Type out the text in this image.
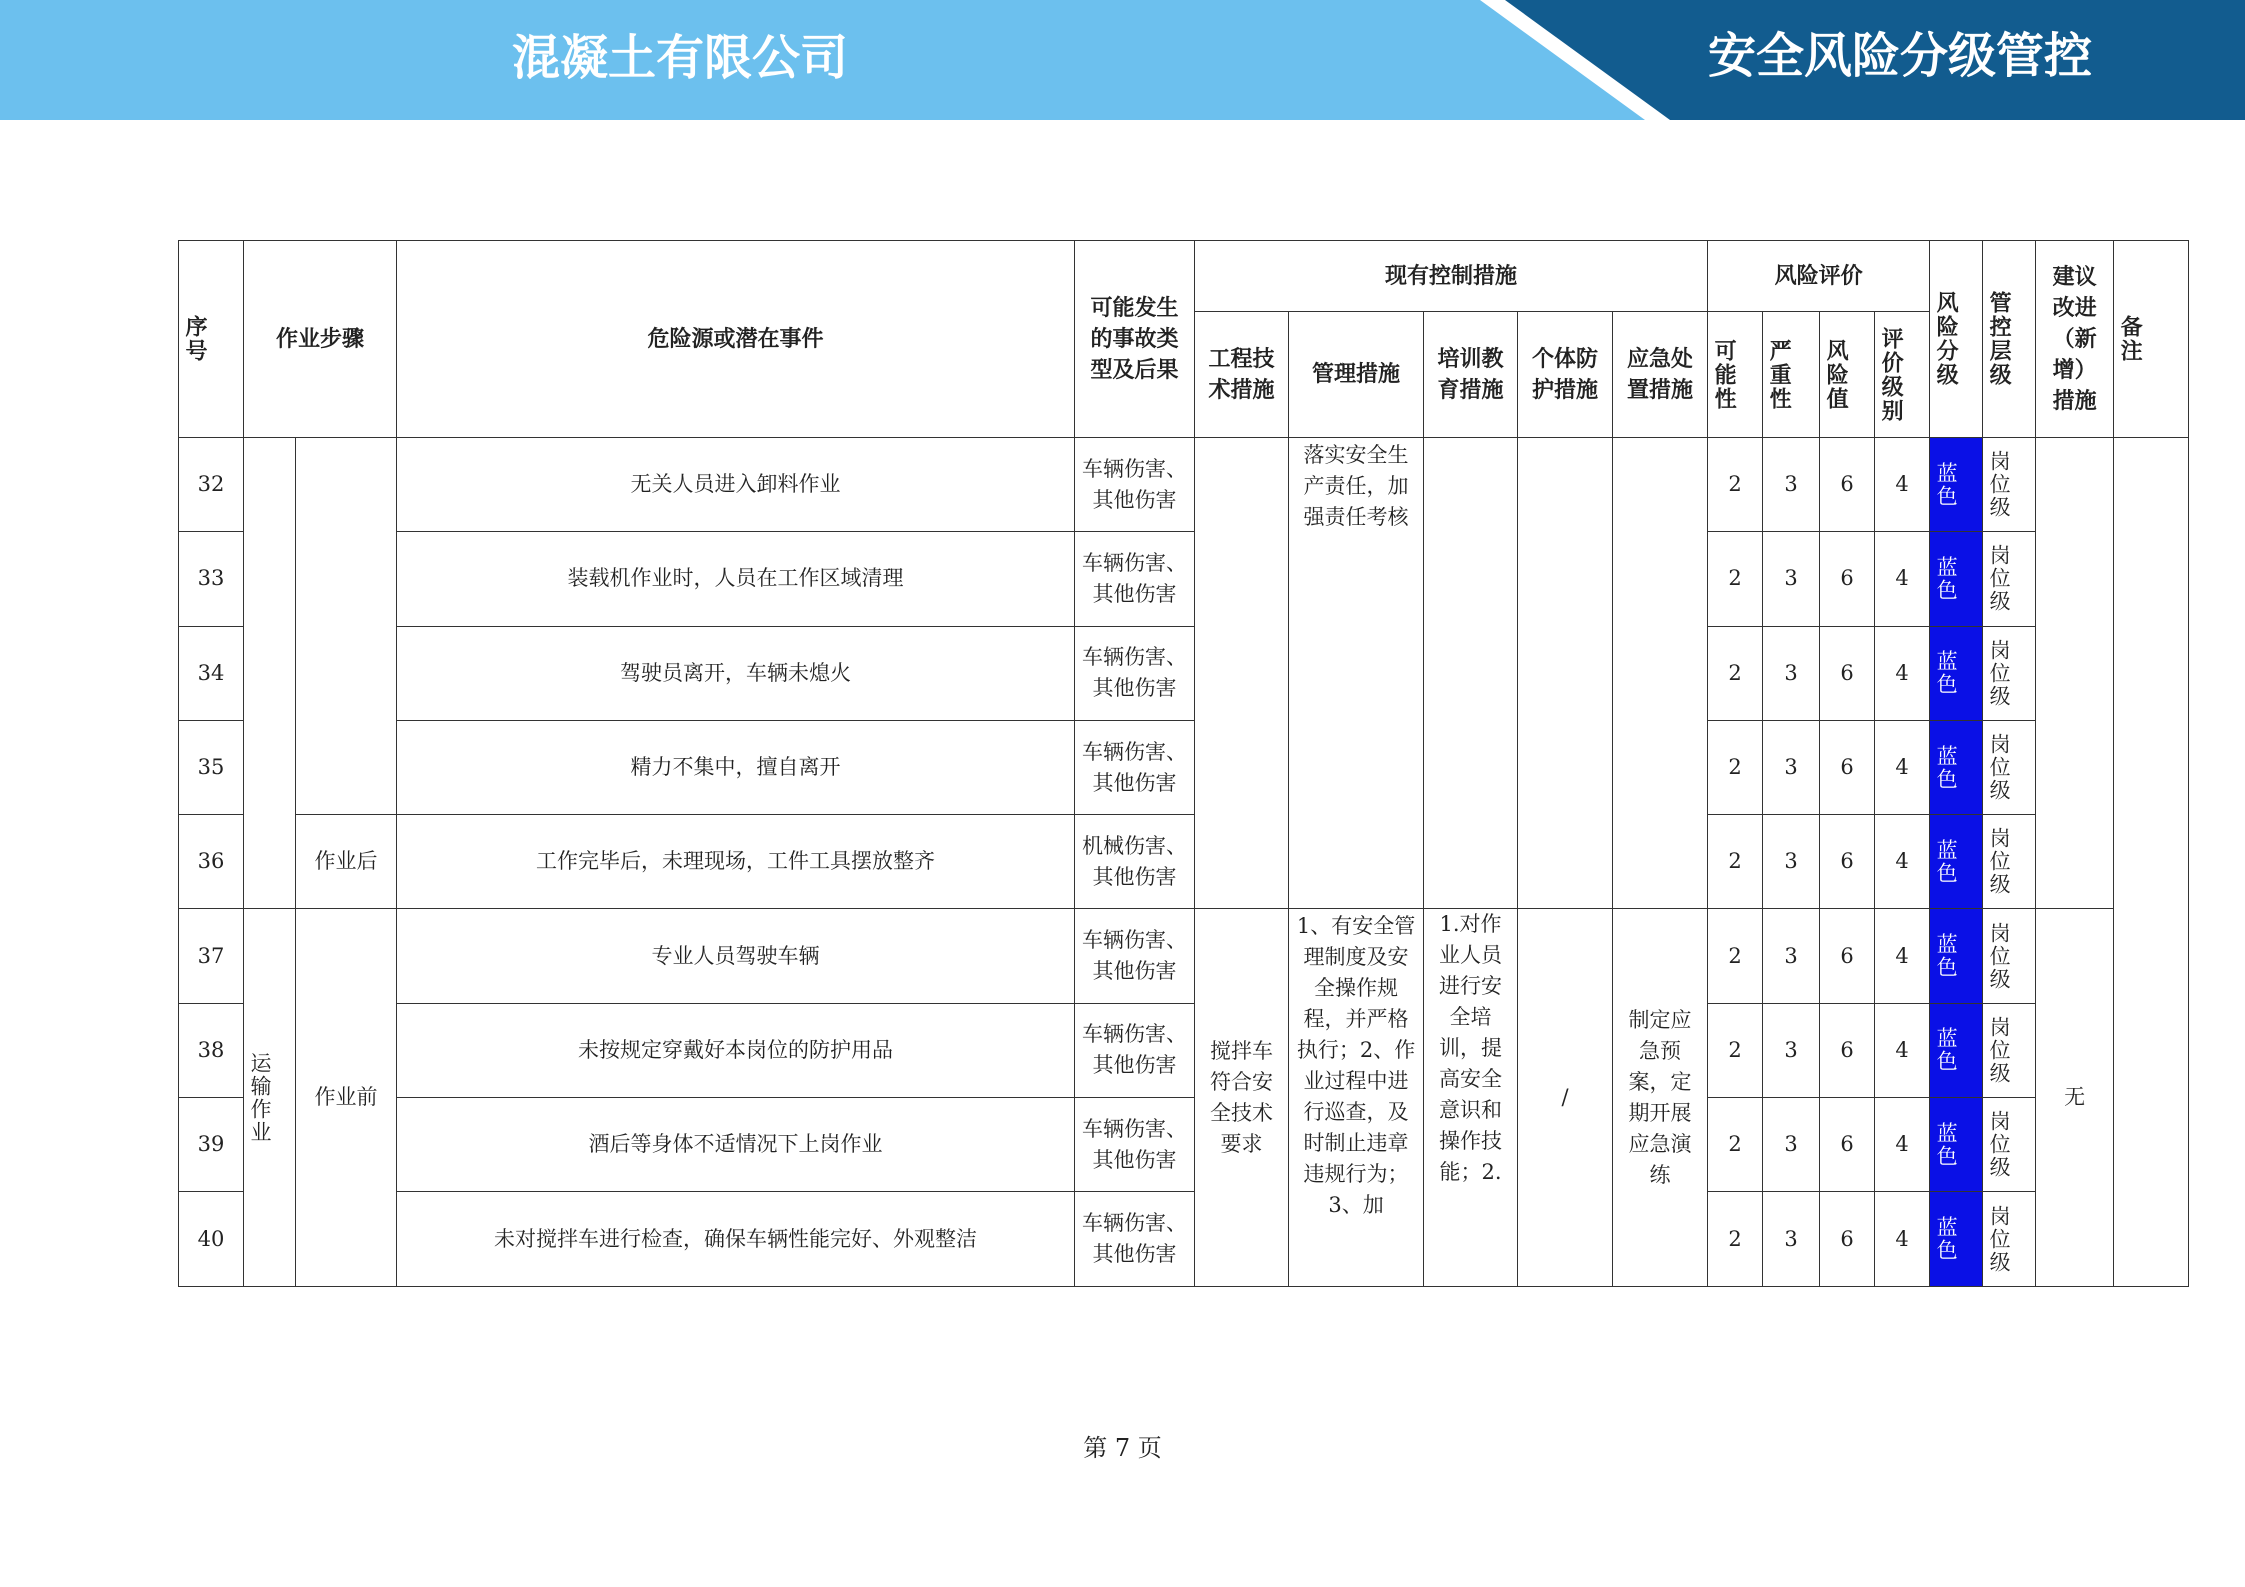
混凝土有限公司	安全风险分级管控
序号	作业步骤		危险源或潜在事件	可能发生的事故类型及后果	现有控制措施					风险评价				风险分级	管控层级	建议改进（新增）措施	备注

					工程技术措施	管理措施	培训教育措施	个体防护措施	应急处置措施	可能性	严重性	风险值	评价级别				

32			无关人员进入卸料作业	车辆伤害、其他伤害		落实安全生产责任，加强责任考核				2	3	6	4	蓝色	岗位级		

33			装载机作业时，人员在工作区域清理	车辆伤害、其他伤害						2	3	6	4	蓝色	岗位级		

34			驾驶员离开，车辆未熄火	车辆伤害、其他伤害						2	3	6	4	蓝色	岗位级		

35			精力不集中，擅自离开	车辆伤害、其他伤害						2	3	6	4	蓝色	岗位级		

36		作业后	工作完毕后，未理现场，工件工具摆放整齐	机械伤害、其他伤害						2	3	6	4	蓝色	岗位级		

37	运输作业	作业前	专业人员驾驶车辆	车辆伤害、其他伤害	搅拌车符合安全技术要求	1、有安全管理制度及安全操作规程，并严格执行；2、作业过程中进行巡查，及时制止违章违规行为；3、加	1.对作业人员进行安全培训，提高安全意识和操作技能；2.	/	制定应急预案，定期开展应急演练	2	3	6	4	蓝色	岗位级	无	
38			未按规定穿戴好本岗位的防护用品	车辆伤害、其他伤害						2	3	6	4	蓝色	岗位级		

39			酒后等身体不适情况下上岗作业	车辆伤害、其他伤害						2	3	6	4	蓝色	岗位级		

40			未对搅拌车进行检查，确保车辆性能完好、外观整洁	车辆伤害、其他伤害						2	3	6	4	蓝色	岗位级		
第 7 页
